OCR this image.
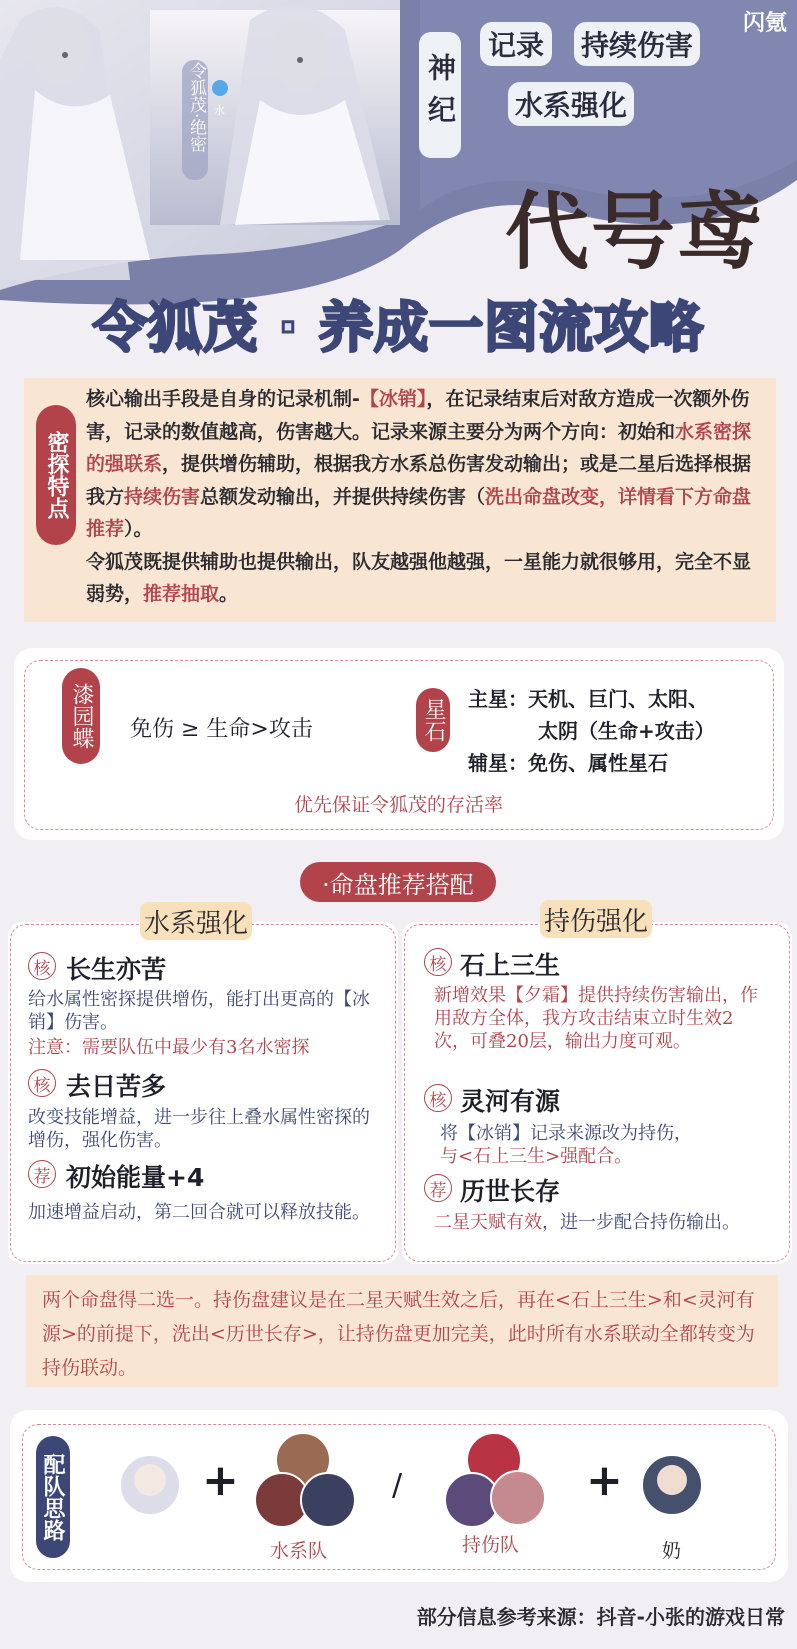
令狐茂·绝密 水
闪氪
神纪
记录 持续伤害
水系强化
代号鸢
令狐茂 · 养成一图流攻略
密探特点

核心输出手段是自身的记录机制-【冰销】，在记录结束后对敌方造成一次额外伤害，记录的数值越高，伤害越大。记录来源主要分为两个方向：初始和水系密探的强联系，提供增伤辅助，根据我方水系总伤害发动输出；或是二星后选择根据我方持续伤害总额发动输出，并提供持续伤害（洗出命盘改变，详情看下方命盘推荐）。

令狐茂既提供辅助也提供输出，队友越强他越强，一星能力就很够用，完全不显弱势，推荐抽取。

漆园蝶 免伤 ≥ 生命>攻击	星石 主星：天机、巨门、太阳、
太阴（生命+攻击）
辅星：免伤、属性星石
优先保证令狐茂的存活率
·命盘推荐搭配
水系强化
核 长生亦苦
给水属性密探提供增伤，能打出更高的【冰销】伤害。
注意：需要队伍中最少有3名水密探
核 去日苦多
改变技能增益，进一步往上叠水属性密探的增伤，强化伤害。
荐 初始能量+4
加速增益启动，第二回合就可以释放技能。
持伤强化
核 石上三生
新增效果【夕霜】提供持续伤害输出，作用敌方全体，我方攻击结束立时生效2次，可叠20层，输出力度可观。
核 灵河有源
将【冰销】记录来源改为持伤，
与<石上三生>强配合。
荐 历世长存
二星天赋有效，进一步配合持伤输出。
两个命盘得二选一。持伤盘建议是在二星天赋生效之后，再在<石上三生>和<灵河有源>的前提下，洗出<历世长存>，让持伤盘更加完美，此时所有水系联动全都转变为持伤联动。
配队思路	+	/	+
水系队	持伤队	奶
部分信息参考来源：抖音-小张的游戏日常
